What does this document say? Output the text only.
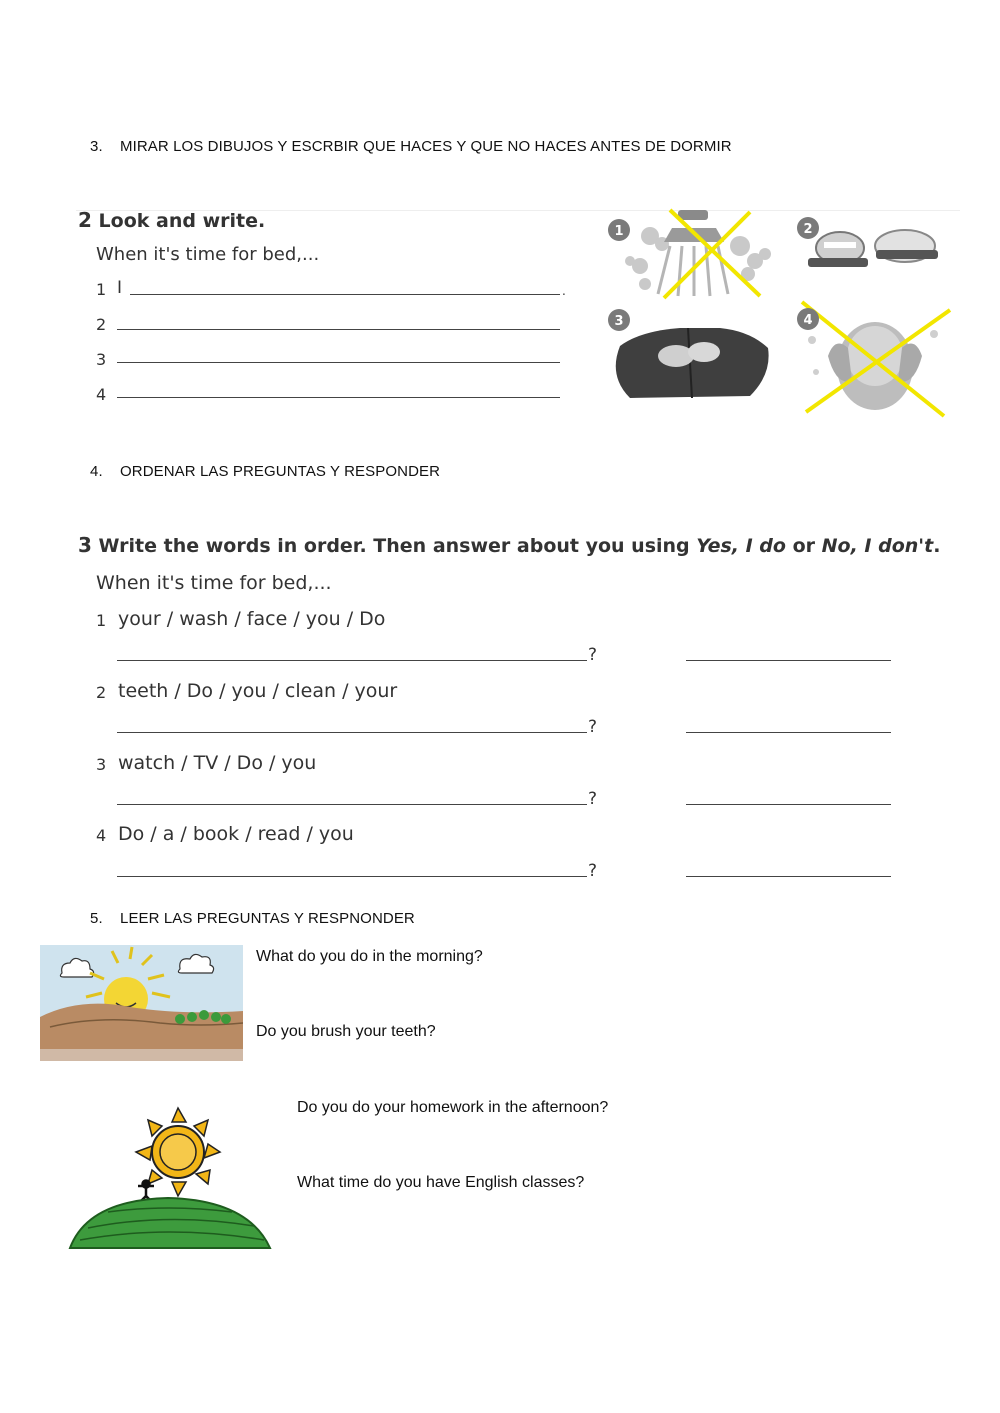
3. MIRAR LOS DIBUJOS Y ESCRBIR QUE HACES Y QUE NO HACES ANTES DE DORMIR
2 Look and write.
When it's time for bed,...
1 I	.
2
3
4
1	2
3	4
4. ORDENAR LAS PREGUNTAS Y RESPONDER
3 Write the words in order. Then answer about you using Yes, I do or No, I don't.
When it's time for bed,...
1 your / wash / face / you / Do
?
2 teeth / Do / you / clean / your
?
3 watch / TV / Do / you
?
4 Do / a / book / read / you
?
5. LEER LAS PREGUNTAS Y RESPNONDER
What do you do in the morning?
Do you brush your teeth?
Do you do your homework in the afternoon?
What time do you have English classes?
